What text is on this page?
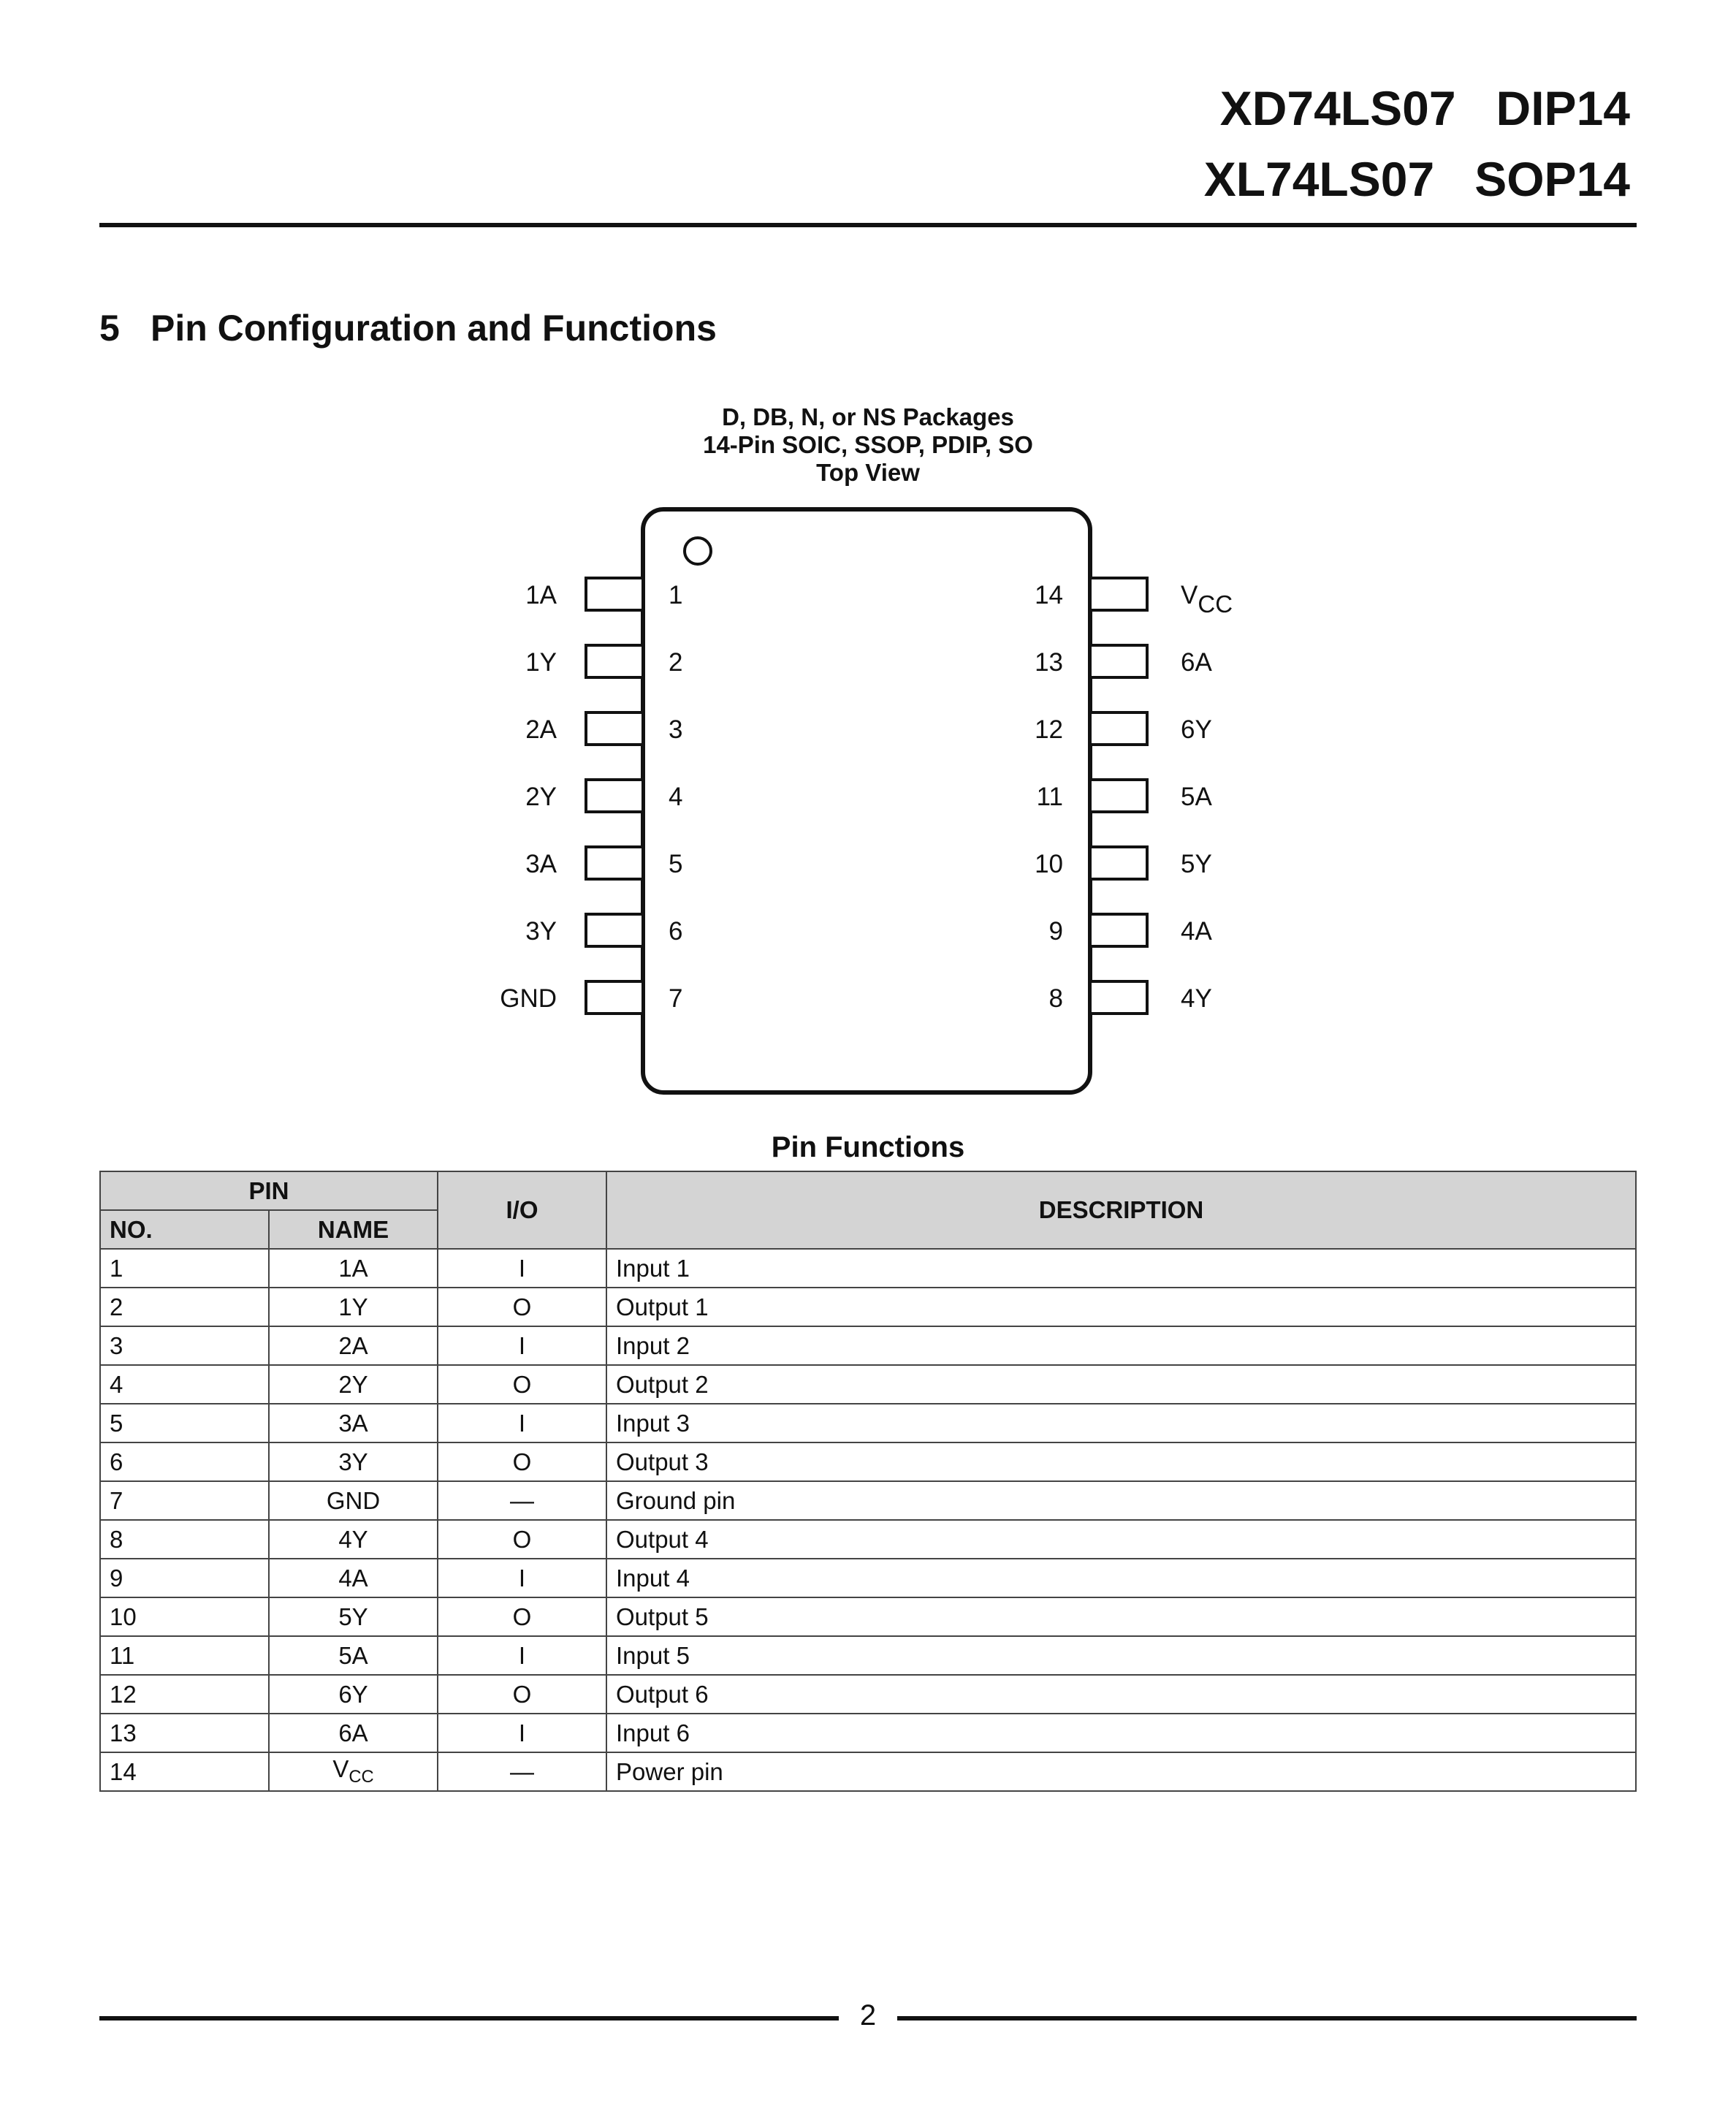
XD74LS07   DIP14
XL74LS07   SOP14
5 Pin Configuration and Functions
D, DB, N, or NS Packages
14-Pin SOIC, SSOP, PDIP, SO
Top View
1A	1
1Y	2
2A	3
2Y	4
3A	5
3Y	6
GND	7
14	VCC
13	6A
12	6Y
11	5A
10	5Y
9	4A
8	4Y
Pin Functions
PIN		I/O	DESCRIPTION
NO.	NAME		
1	1A	I	Input 1
2	1Y	O	Output 1
3	2A	I	Input 2
4	2Y	O	Output 2
5	3A	I	Input 3
6	3Y	O	Output 3
7	GND	—	Ground pin
8	4Y	O	Output 4
9	4A	I	Input 4
10	5Y	O	Output 5
11	5A	I	Input 5
12	6Y	O	Output 6
13	6A	I	Input 6
14	$V_{CC}$	—	Power pin
2
